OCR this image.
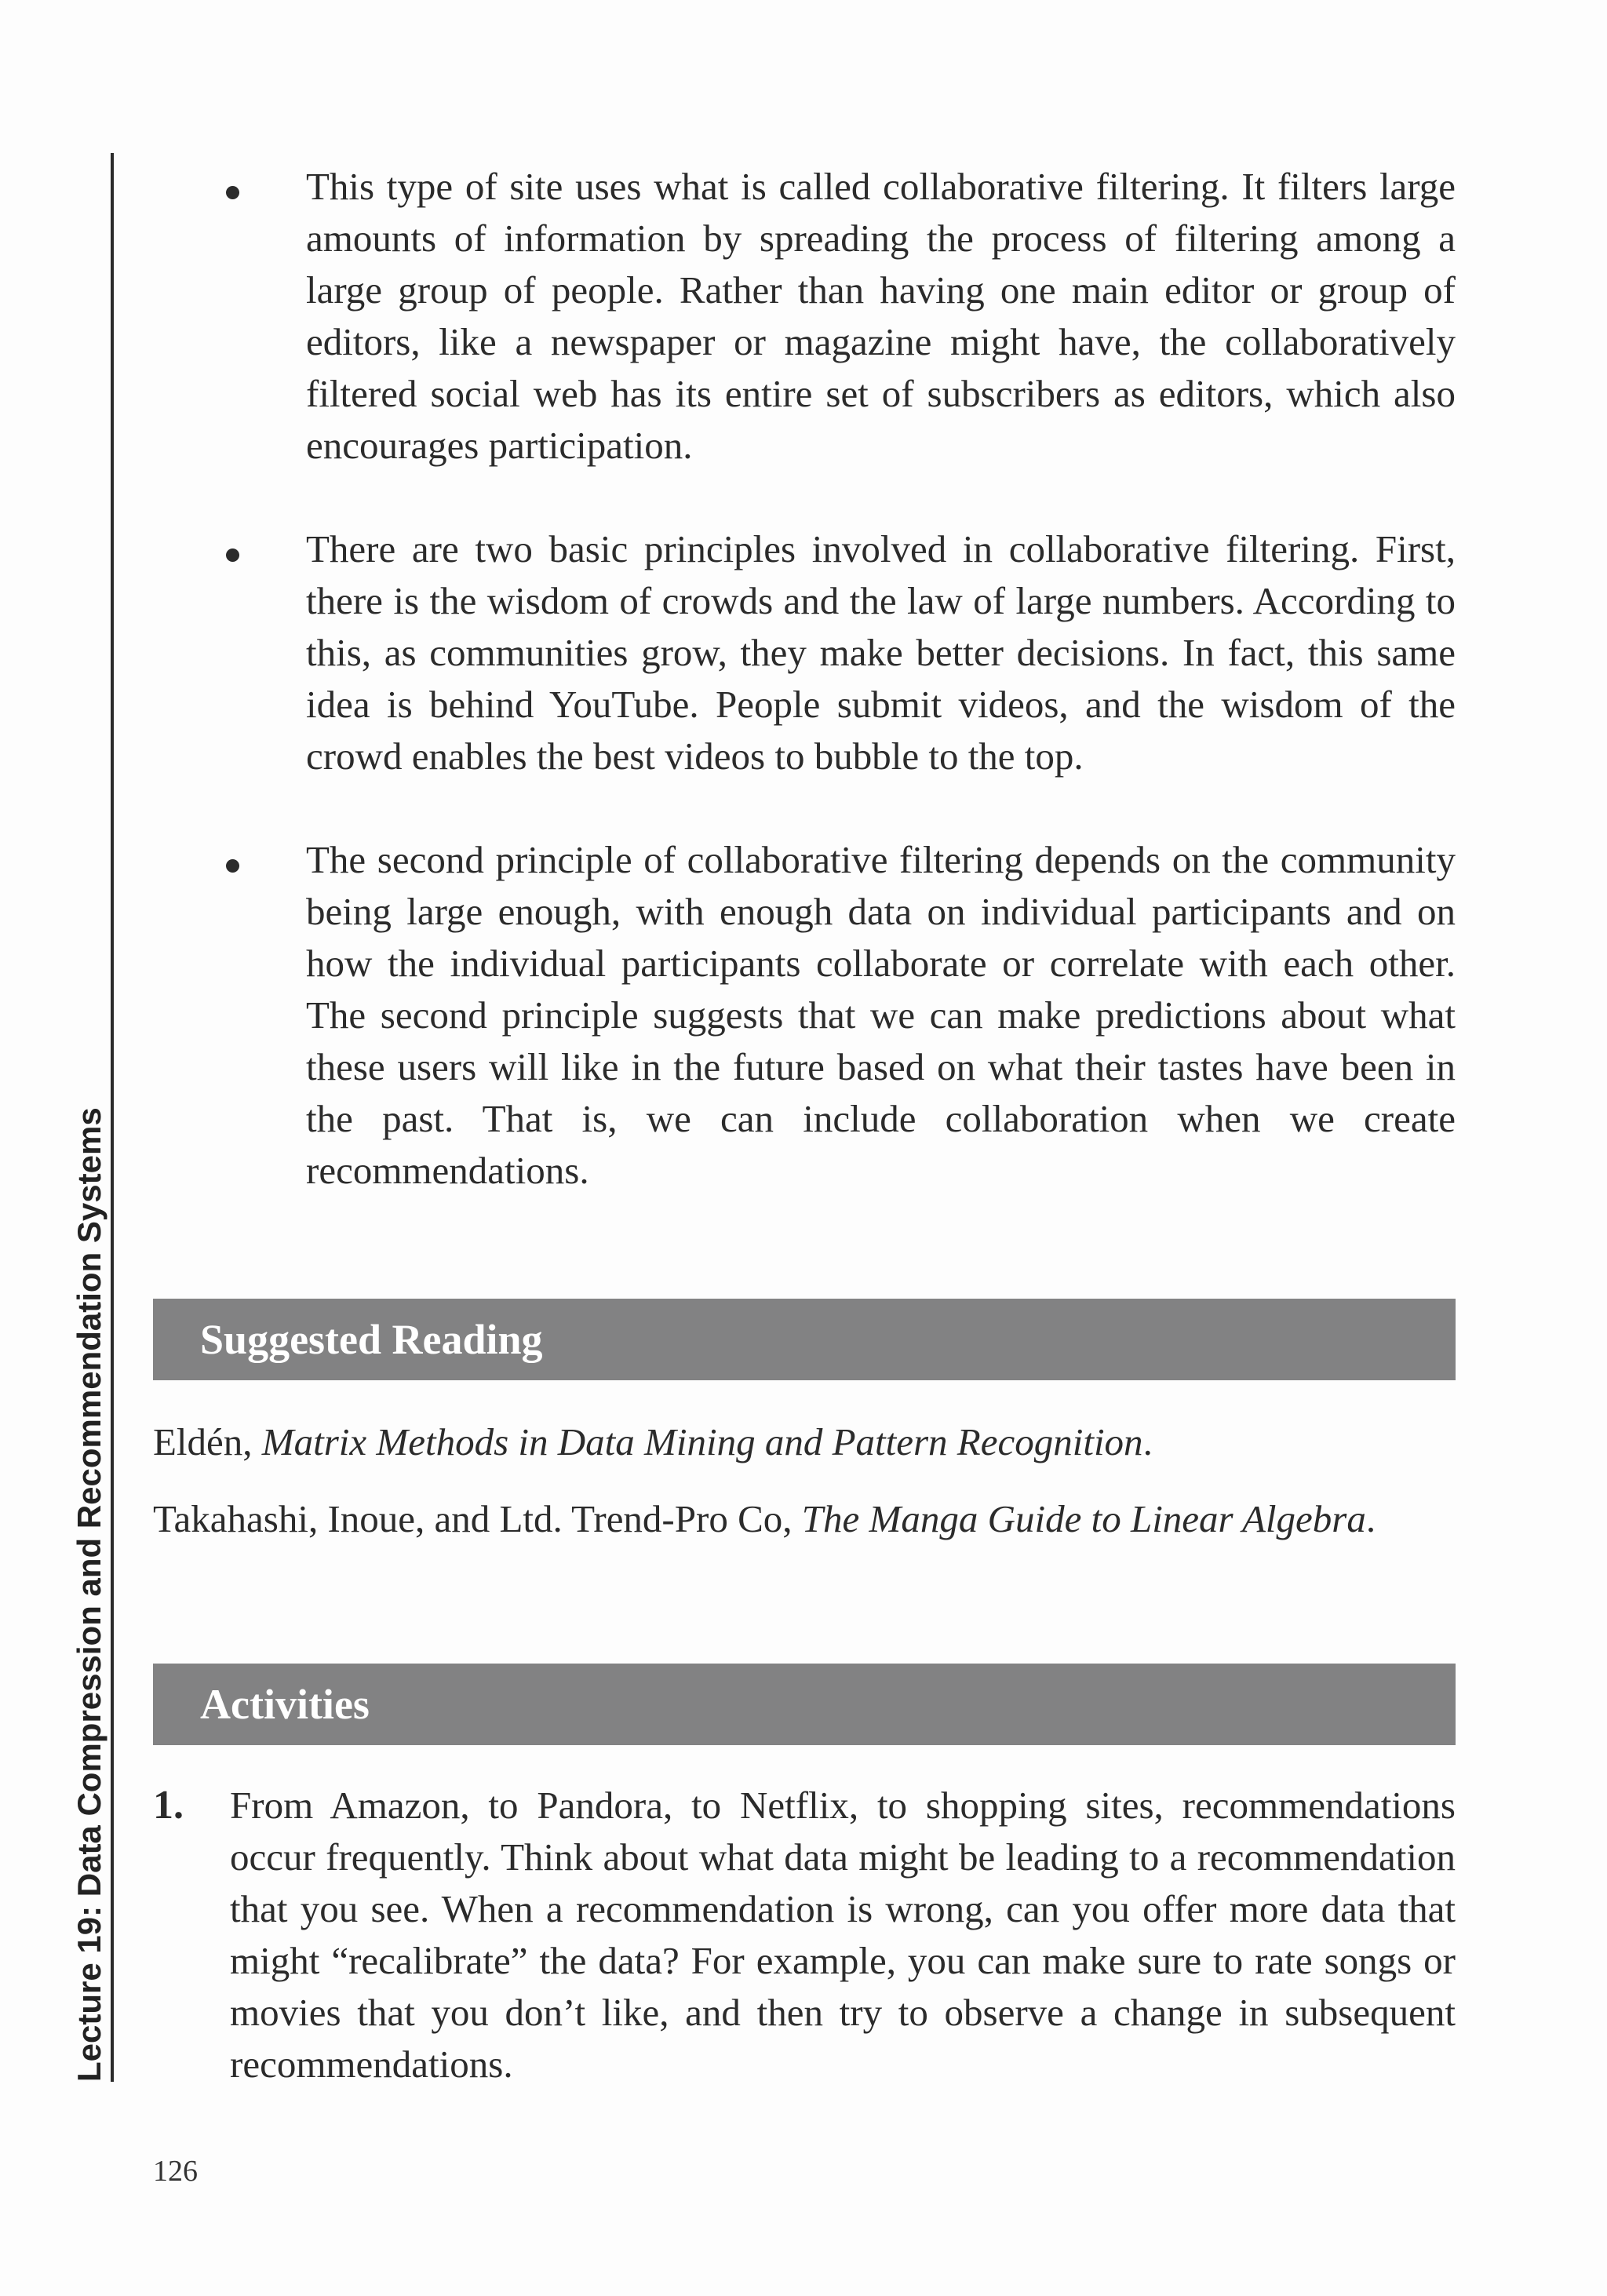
Lecture 19: Data Compression and Recommendation Systems
This type of site uses what is called collaborative filtering. It filters large amounts of information by spreading the process of filtering among a large group of people. Rather than having one main editor or group of editors, like a newspaper or magazine might have, the collaboratively filtered social web has its entire set of subscribers as editors, which also encourages participation.
There are two basic principles involved in collaborative filtering. First, there is the wisdom of crowds and the law of large numbers. According to this, as communities grow, they make better decisions. In fact, this same idea is behind YouTube. People submit videos, and the wisdom of the crowd enables the best videos to bubble to the top.
The second principle of collaborative filtering depends on the community being large enough, with enough data on individual participants and on how the individual participants collaborate or correlate with each other. The second principle suggests that we can make predictions about what these users will like in the future based on what their tastes have been in the past. That is, we can include collaboration when we create recommendations.
Suggested Reading
Eldén, Matrix Methods in Data Mining and Pattern Recognition.
Takahashi, Inoue, and Ltd. Trend-Pro Co, The Manga Guide to Linear Algebra.
Activities
1. From Amazon, to Pandora, to Netflix, to shopping sites, recommendations occur frequently. Think about what data might be leading to a recommendation that you see. When a recommendation is wrong, can you offer more data that might “recalibrate” the data? For example, you can make sure to rate songs or movies that you don’t like, and then try to observe a change in subsequent recommendations.
126
